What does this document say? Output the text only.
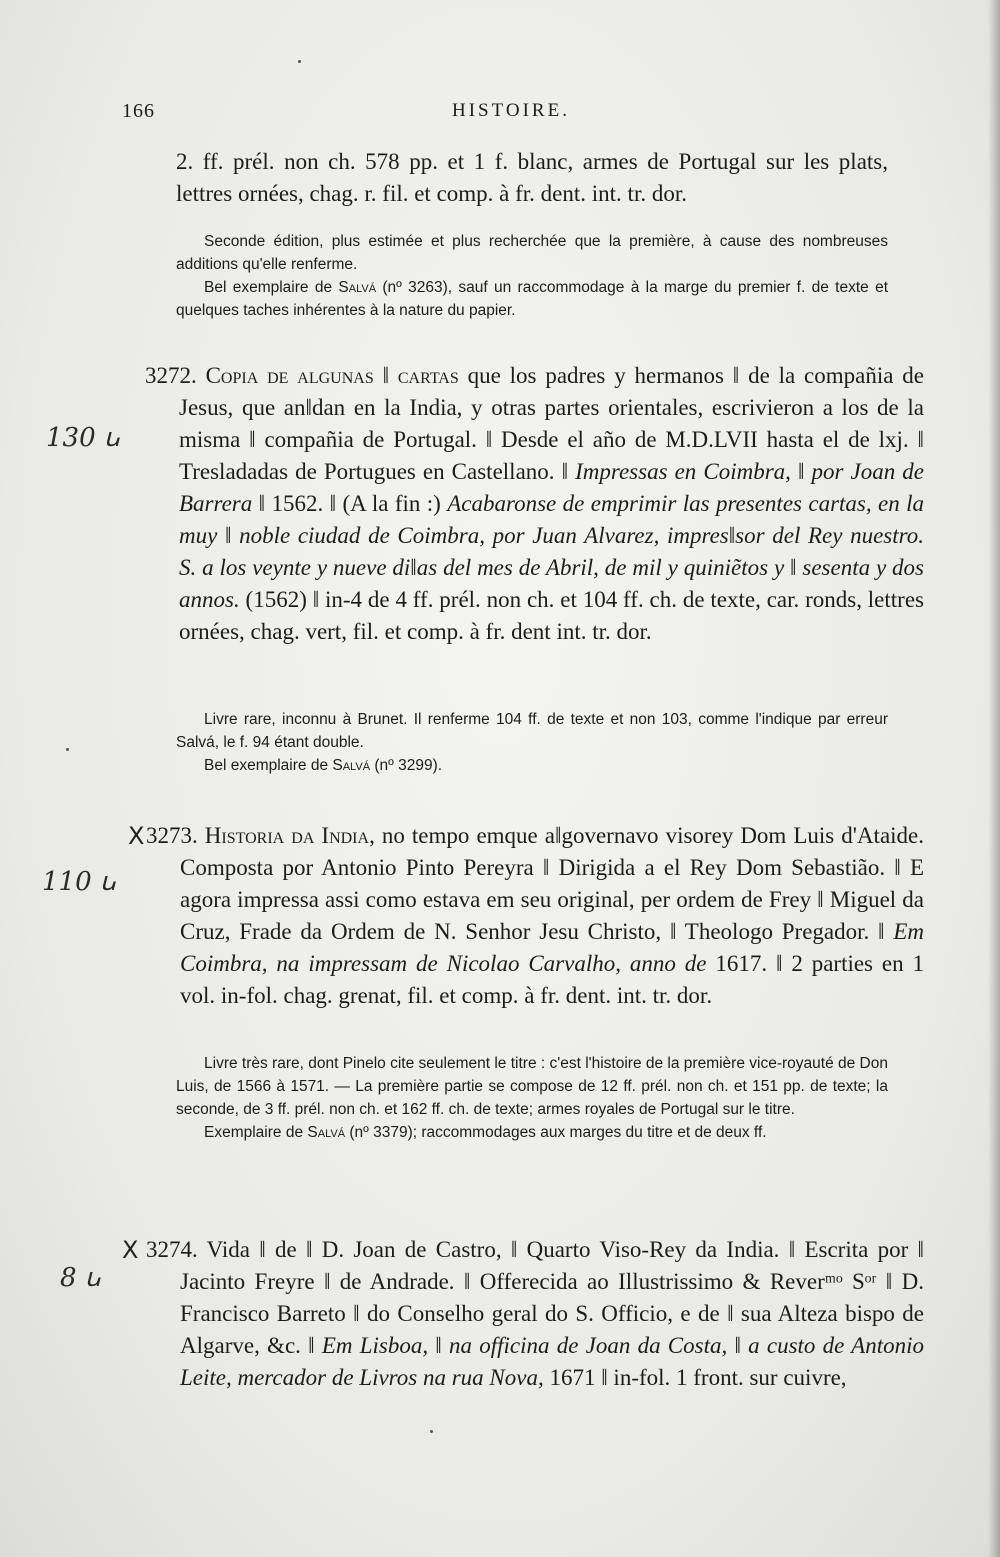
166	HISTOIRE.
2. ff. prél. non ch. 578 pp. et 1 f. blanc, armes de Portugal sur les plats, lettres ornées, chag. r. fil. et comp. à fr. dent. int. tr. dor.

Seconde édition, plus estimée et plus recherchée que la première, à cause des nombreuses additions qu'elle renferme.

Bel exemplaire de Salvá (nº 3263), sauf un raccommodage à la marge du premier f. de texte et quelques taches inhérentes à la nature du papier.

130 ꭎ
3272. Copia de algunas ‖ cartas que los padres y hermanos ‖ de la compañia de Jesus, que an‖dan en la India, y otras partes orientales, escrivieron a los de la misma ‖ compañia de Portugal. ‖ Desde el año de M.D.LVII hasta el de lxj. ‖ Tresladadas de Portugues en Castellano. ‖ Impressas en Coimbra, ‖ por Joan de Barrera ‖ 1562. ‖ (A la fin :) Acabaronse de emprimir las presentes cartas, en la muy ‖ noble ciudad de Coimbra, por Juan Alvarez, impres‖sor del Rey nuestro. S. a los veynte y nueve di‖as del mes de Abril, de mil y quiniẽtos y ‖ sesenta y dos annos. (1562) ‖ in-4 de 4 ff. prél. non ch. et 104 ff. ch. de texte, car. ronds, lettres ornées, chag. vert, fil. et comp. à fr. dent int. tr. dor.

Livre rare, inconnu à Brunet. Il renferme 104 ff. de texte et non 103, comme l'indique par erreur Salvá, le f. 94 étant double.

Bel exemplaire de Salvá (nº 3299).

X
110 ꭎ
3273. Historia da India, no tempo emque a‖governavo visorey Dom Luis d'Ataide. Composta por Antonio Pinto Pereyra ‖ Dirigida a el Rey Dom Sebastião. ‖ E agora impressa assi como estava em seu original, per ordem de Frey ‖ Miguel da Cruz, Frade da Ordem de N. Senhor Jesu Christo, ‖ Theologo Pregador. ‖ Em Coimbra, na impressam de Nicolao Carvalho, anno de 1617. ‖ 2 parties en 1 vol. in-fol. chag. grenat, fil. et comp. à fr. dent. int. tr. dor.

Livre très rare, dont Pinelo cite seulement le titre : c'est l'histoire de la première vice-royauté de Don Luis, de 1566 à 1571. — La première partie se compose de 12 ff. prél. non ch. et 151 pp. de texte; la seconde, de 3 ff. prél. non ch. et 162 ff. ch. de texte; armes royales de Portugal sur le titre.

Exemplaire de Salvá (nº 3379); raccommodages aux marges du titre et de deux ff.

X
8 ꭎ
3274. Vida ‖ de ‖ D. Joan de Castro, ‖ Quarto Viso-Rey da India. ‖ Escrita por ‖ Jacinto Freyre ‖ de Andrade. ‖ Offerecida ao Illustrissimo & Reverᵐᵒ Sᵒʳ ‖ D. Francisco Barreto ‖ do Conselho geral do S. Officio, e de ‖ sua Alteza bispo de Algarve, &c. ‖ Em Lisboa, ‖ na officina de Joan da Costa, ‖ a custo de Antonio Leite, mercador de Livros na rua Nova, 1671 ‖ in-fol. 1 front. sur cuivre,
